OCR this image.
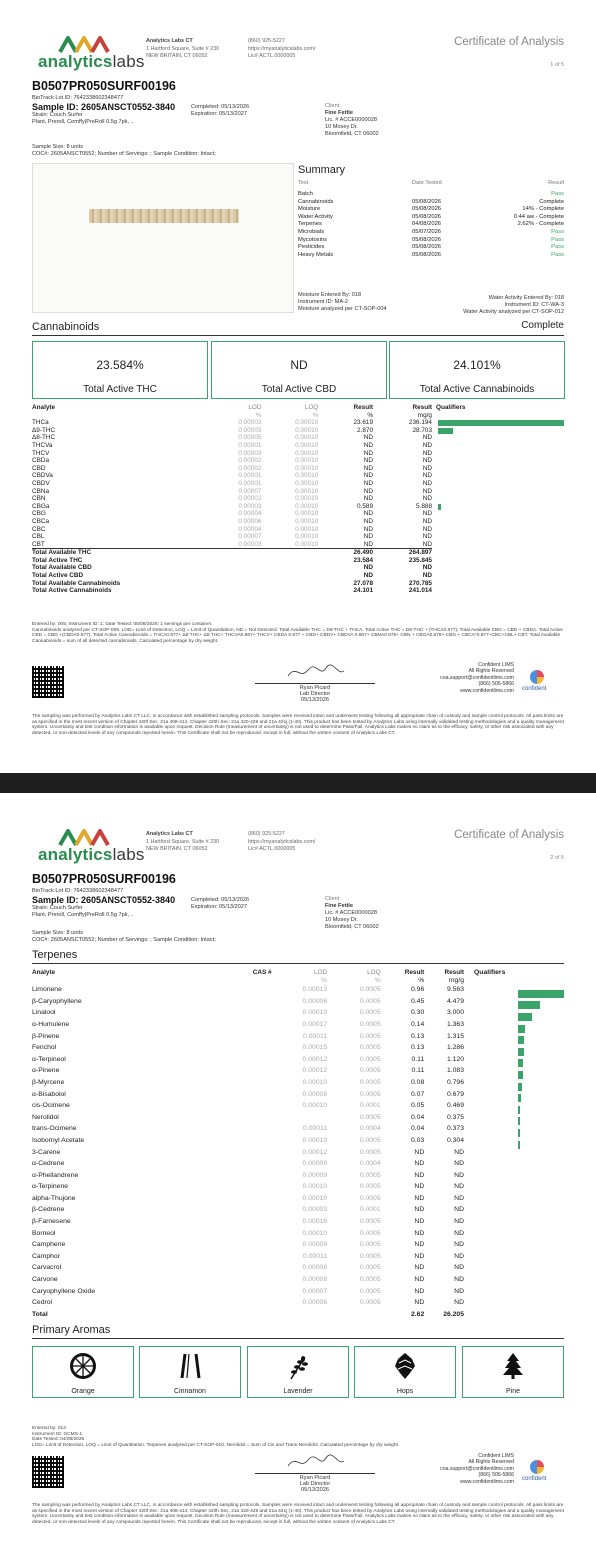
analyticslabs
Analytics Labs CT
1 Hartford Square, Suite # 230
NEW BRITAIN, CT 06052
(860) 925-5227
https://myanalyticslabs.com/
Lic# ACTL.0000005
Certificate of Analysis
1 of 5
B0507PR050SURF00196
BioTrack Lot ID: 7642338602348477
Sample ID: 2605ANSCT0552-3840
Strain: Couch Surfer
Plant, Preroll, Comffy|PreRoll 0.5g 7pk, ..
Completed: 05/13/2026
Expiration: 05/13/2027
Client
Fine Fettle
Lic. # ACCE0000028
10 Mosey Dr.
Bloomfield, CT 06002
Sample Size: 8 units
COC#: 2605ANSCT0552; Number of Servings: ; Sample Condition: Intact;
Summary
Test	Date Tested	Result
Batch	Pass
Cannabinoids	05/08/2026	Complete
Moisture	05/08/2026	14% - Complete
Water Activity	05/08/2026	0.44 aw - Complete
Terpenes	04/08/2026	2.62% - Complete
Microbials	05/07/2026	Pass
Mycotoxins	05/08/2026	Pass
Pesticides	05/08/2026	Pass
Heavy Metals	05/08/2026	Pass
Moisture Entered By: 018
Instrument ID: MA-2
Moisture analyzed per CT-SOP-004
Water Activity Entered By: 018
Instrument ID: CT-WA-3
Water Activity analyzed per CT-SOP-012
Cannabinoids	Complete
23.584%
Total Active THC
ND
Total Active CBD
24.101%
Total Active Cannabinoids
Analyte	LOD	LOQ	Result	Result
	%	%	%	mg/g
THCa	0.00003	0.00010	23.619	236.194
Δ9-THC	0.00003	0.00010	2.870	28.703
Δ8-THC	0.00005	0.00010	ND	ND
THCVa	0.00001	0.00010	ND	ND
THCV	0.00003	0.00010	ND	ND
CBDa	0.00002	0.00010	ND	ND
CBD	0.00002	0.00010	ND	ND
CBDVa	0.00001	0.00010	ND	ND
CBDV	0.00001	0.00010	ND	ND
CBNa	0.00007	0.00010	ND	ND
CBN	0.00002	0.00010	ND	ND
CBGa	0.00003	0.00010	0.589	5.888
CBG	0.00004	0.00010	ND	ND
CBCa	0.00006	0.00010	ND	ND
CBC	0.00004	0.00010	ND	ND
CBL	0.00007	0.00010	ND	ND
CBT	0.00003	0.00010	ND	ND
Total Available THC			26.490	264.897
Total Active THC			23.584	235.845
Total Available CBD			ND	ND
Total Active CBD			ND	ND
Total Available Cannabinoids			27.078	270.785
Total Active Cannabinoids			24.101	241.014
Qualifiers
Entered by: 005; Instrument ID: 1; Date Tested: 05/08/2026; 1 servings per container.
Cannabinoids analyzed per CT-SOP-009. LOD= Limit of Detection, LOQ = Limit of Quantitation, ND = Not Detected. Total Available THC = D9-THC + THCA. Total Active THC = D9-THC + (THCA0.877). Total Available CBD = CBD + CBDA. Total Active CBD = CBD +(CBDA0.877). Total Active Cannabinoids = THCA0.877+ Δ9 THC+ Δ8 THC+ THCVA0.867+ THCV+ CBDA 0.877 + CBD+ CBDV+ CBDVA 0.867+ CBNA0.876+ CBN + CBGA0.878+ CBG + CBCA*0.877+CBC+CBL+ CBT. Total Available Cannabinoids = sum of all detected cannabinoids. Calculated percentage by dry weight.
Ryan Picard
Lab Director
05/13/2026
Confident LIMS
All Rights Reserved
coa.support@confidentlims.com
(866) 506-5866
www.confidentlims.com confident
The sampling was performed by Analytics Labs CT LLC, in accordance with established sampling protocols. Samples were received intact and underwent testing following all appropriate chain of custody and sample control protocols. All pass limits are as specified in the most recent version of Chapter 420f Sec. 21a 408-414, Chapter 420h Sec. 21a 420-429 and 21a 421j (1-40). This product has been tested by Analytics Labs using internally validated testing methodologies and a quality management system. Uncertainty and test condition information is available upon request. Decision Rule (measurement of uncertainty) is not used to determine Pass/Fail. Analytics Labs makes no claim as to the efficacy, safety, or other risk associated with any detected, or non-detected levels of any compounds reported herein. This Certificate shall not be reproduced, except in full, without the written consent of Analytics Labs CT.
analyticslabs
Analytics Labs CT
1 Hartford Square, Suite # 230
NEW BRITAIN, CT 06052
(860) 925-5227
https://myanalyticslabs.com/
Lic# ACTL.0000005
Certificate of Analysis
2 of 5
B0507PR050SURF00196
BioTrack Lot ID: 7642338602348477
Sample ID: 2605ANSCT0552-3840
Strain: Couch Surfer
Plant, Preroll, Comffy|PreRoll 0.5g 7pk, ..
Completed: 05/13/2026
Expiration: 05/13/2027
Client
Fine Fettle
Lic. # ACCE0000028
10 Mosey Dr.
Bloomfield, CT 06002
Sample Size: 8 units
COC#: 2605ANSCT0552; Number of Servings: ; Sample Condition: Intact;
Terpenes
Analyte	CAS #	LOD	LOQ	Result	Result
		%	%	%	mg/g
Limonene		0.00013	0.0005	0.96	9.563
β-Caryophyllene		0.00006	0.0005	0.45	4.479
Linalool		0.00010	0.0005	0.30	3.000
α-Humulene		0.00017	0.0005	0.14	1.363
β-Pinene		0.00011	0.0005	0.13	1.315
Fenchol		0.00015	0.0005	0.13	1.286
α-Terpineol		0.00012	0.0005	0.11	1.120
α-Pinene		0.00012	0.0005	0.11	1.083
β-Myrcene		0.00010	0.0005	0.08	0.796
α-Bisabolol		0.00008	0.0005	0.07	0.679
cis-Ocimene		0.00010	0.0001	0.05	0.469
Nerolidol			0.0005	0.04	0.375
trans-Ocimene		0.00011	0.0004	0.04	0.373
Isobornyl Acetate		0.00010	0.0005	0.03	0.304
3-Carene		0.00012	0.0005	ND	ND
α-Cedrene		0.00009	0.0004	ND	ND
α-Phellandrene		0.00009	0.0005	ND	ND
α-Terpinene		0.00010	0.0005	ND	ND
alpha-Thujone		0.00010	0.0005	ND	ND
β-Cedrene		0.00003	0.0001	ND	ND
β-Farnesene		0.00016	0.0005	ND	ND
Borneol		0.00010	0.0005	ND	ND
Camphene		0.00009	0.0005	ND	ND
Camphor		0.00011	0.0005	ND	ND
Carvacrol		0.00008	0.0005	ND	ND
Carvone		0.00008	0.0005	ND	ND
Caryophyllene Oxide		0.00007	0.0005	ND	ND
Cedrol		0.00006	0.0005	ND	ND
Total				2.62	26.205
Qualifiers
Primary Aromas
Orange	Cinnamon	Lavender	Hops	Pine
Entered by: 013
Instrument ID: GCMS-1
Date Tested: 04/08/2026
LOD= Limit of Detection, LOQ = Limit of Quantitation. Terpenes analyzed per CT-SOP-010. Nerolidol = Sum of Cis and Trans-Nerolidol. Calculated percentage by dry weight.
Ryan Picard
Lab Director
05/13/2026
Confident LIMS
All Rights Reserved
coa.support@confidentlims.com
(866) 506-5866
www.confidentlims.com confident
The sampling was performed by Analytics Labs CT LLC, in accordance with established sampling protocols. Samples were received intact and underwent testing following all appropriate chain of custody and sample control protocols. All pass limits are as specified in the most recent version of Chapter 420f Sec. 21a 408-414, Chapter 420h Sec. 21a 420-429 and 21a 421j (1-40). This product has been tested by Analytics Labs using internally validated testing methodologies and a quality management system. Uncertainty and test condition information is available upon request. Decision Rule (measurement of uncertainty) is not used to determine Pass/Fail. Analytics Labs makes no claim as to the efficacy, safety, or other risk associated with any detected, or non-detected levels of any compounds reported herein. This Certificate shall not be reproduced, except in full, without the written consent of Analytics Labs CT.
